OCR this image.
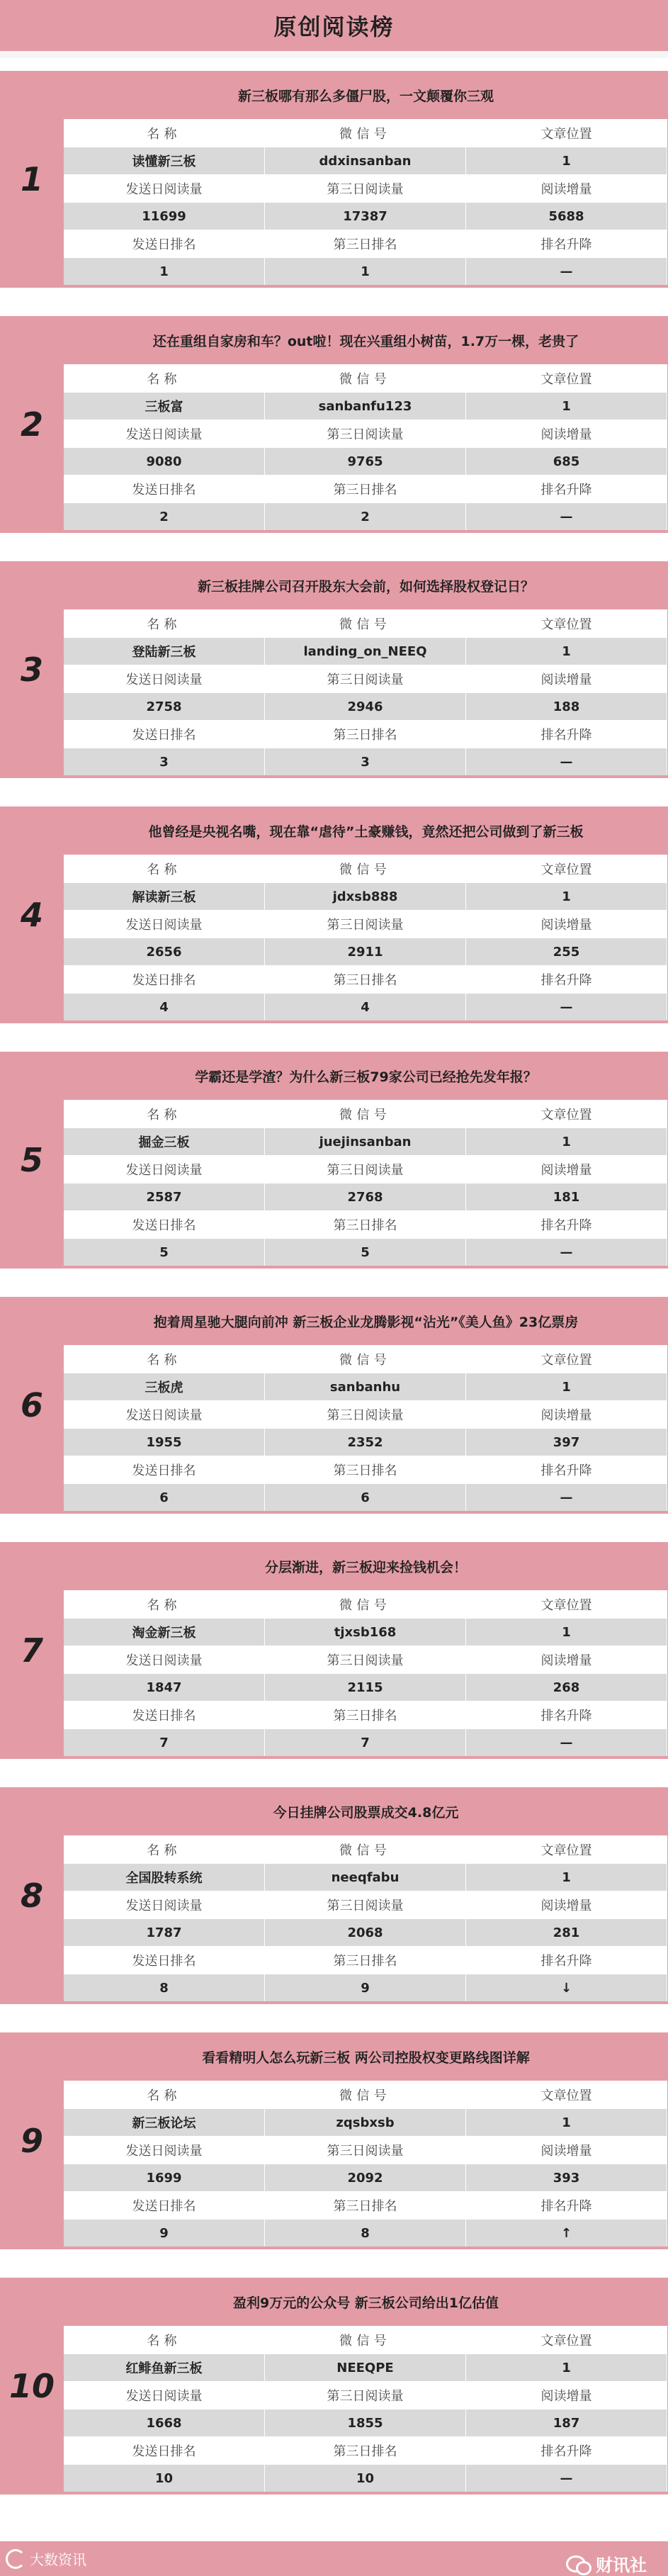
原创阅读榜
1
新三板哪有那么多僵尸股，一文颠覆你三观
名称	微信号	文章位置
读懂新三板	ddxinsanban	1
发送日阅读量	第三日阅读量	阅读增量
11699	17387	5688
发送日排名	第三日排名	排名升降
1	1	—
2
还在重组自家房和车？out啦！现在兴重组小树苗，1.7万一棵，老贵了
名称	微信号	文章位置
三板富	sanbanfu123	1
发送日阅读量	第三日阅读量	阅读增量
9080	9765	685
发送日排名	第三日排名	排名升降
2	2	—
3
新三板挂牌公司召开股东大会前，如何选择股权登记日？
名称	微信号	文章位置
登陆新三板	landing_on_NEEQ	1
发送日阅读量	第三日阅读量	阅读增量
2758	2946	188
发送日排名	第三日排名	排名升降
3	3	—
4
他曾经是央视名嘴，现在靠“虐待”土豪赚钱，竟然还把公司做到了新三板
名称	微信号	文章位置
解读新三板	jdxsb888	1
发送日阅读量	第三日阅读量	阅读增量
2656	2911	255
发送日排名	第三日排名	排名升降
4	4	—
5
学霸还是学渣？为什么新三板79家公司已经抢先发年报？
名称	微信号	文章位置
掘金三板	juejinsanban	1
发送日阅读量	第三日阅读量	阅读增量
2587	2768	181
发送日排名	第三日排名	排名升降
5	5	—
6
抱着周星驰大腿向前冲 新三板企业龙腾影视“沾光”《美人鱼》23亿票房
名称	微信号	文章位置
三板虎	sanbanhu	1
发送日阅读量	第三日阅读量	阅读增量
1955	2352	397
发送日排名	第三日排名	排名升降
6	6	—
7
分层渐进，新三板迎来捡钱机会！
名称	微信号	文章位置
淘金新三板	tjxsb168	1
发送日阅读量	第三日阅读量	阅读增量
1847	2115	268
发送日排名	第三日排名	排名升降
7	7	—
8
今日挂牌公司股票成交4.8亿元
名称	微信号	文章位置
全国股转系统	neeqfabu	1
发送日阅读量	第三日阅读量	阅读增量
1787	2068	281
发送日排名	第三日排名	排名升降
8	9	↓
9
看看精明人怎么玩新三板 两公司控股权变更路线图详解
名称	微信号	文章位置
新三板论坛	zqsbxsb	1
发送日阅读量	第三日阅读量	阅读增量
1699	2092	393
发送日排名	第三日排名	排名升降
9	8	↑
10
盈利9万元的公众号 新三板公司给出1亿估值
名称	微信号	文章位置
红鲱鱼新三板	NEEQPE	1
发送日阅读量	第三日阅读量	阅读增量
1668	1855	187
发送日排名	第三日排名	排名升降
10	10	—
大数资讯	财讯社
